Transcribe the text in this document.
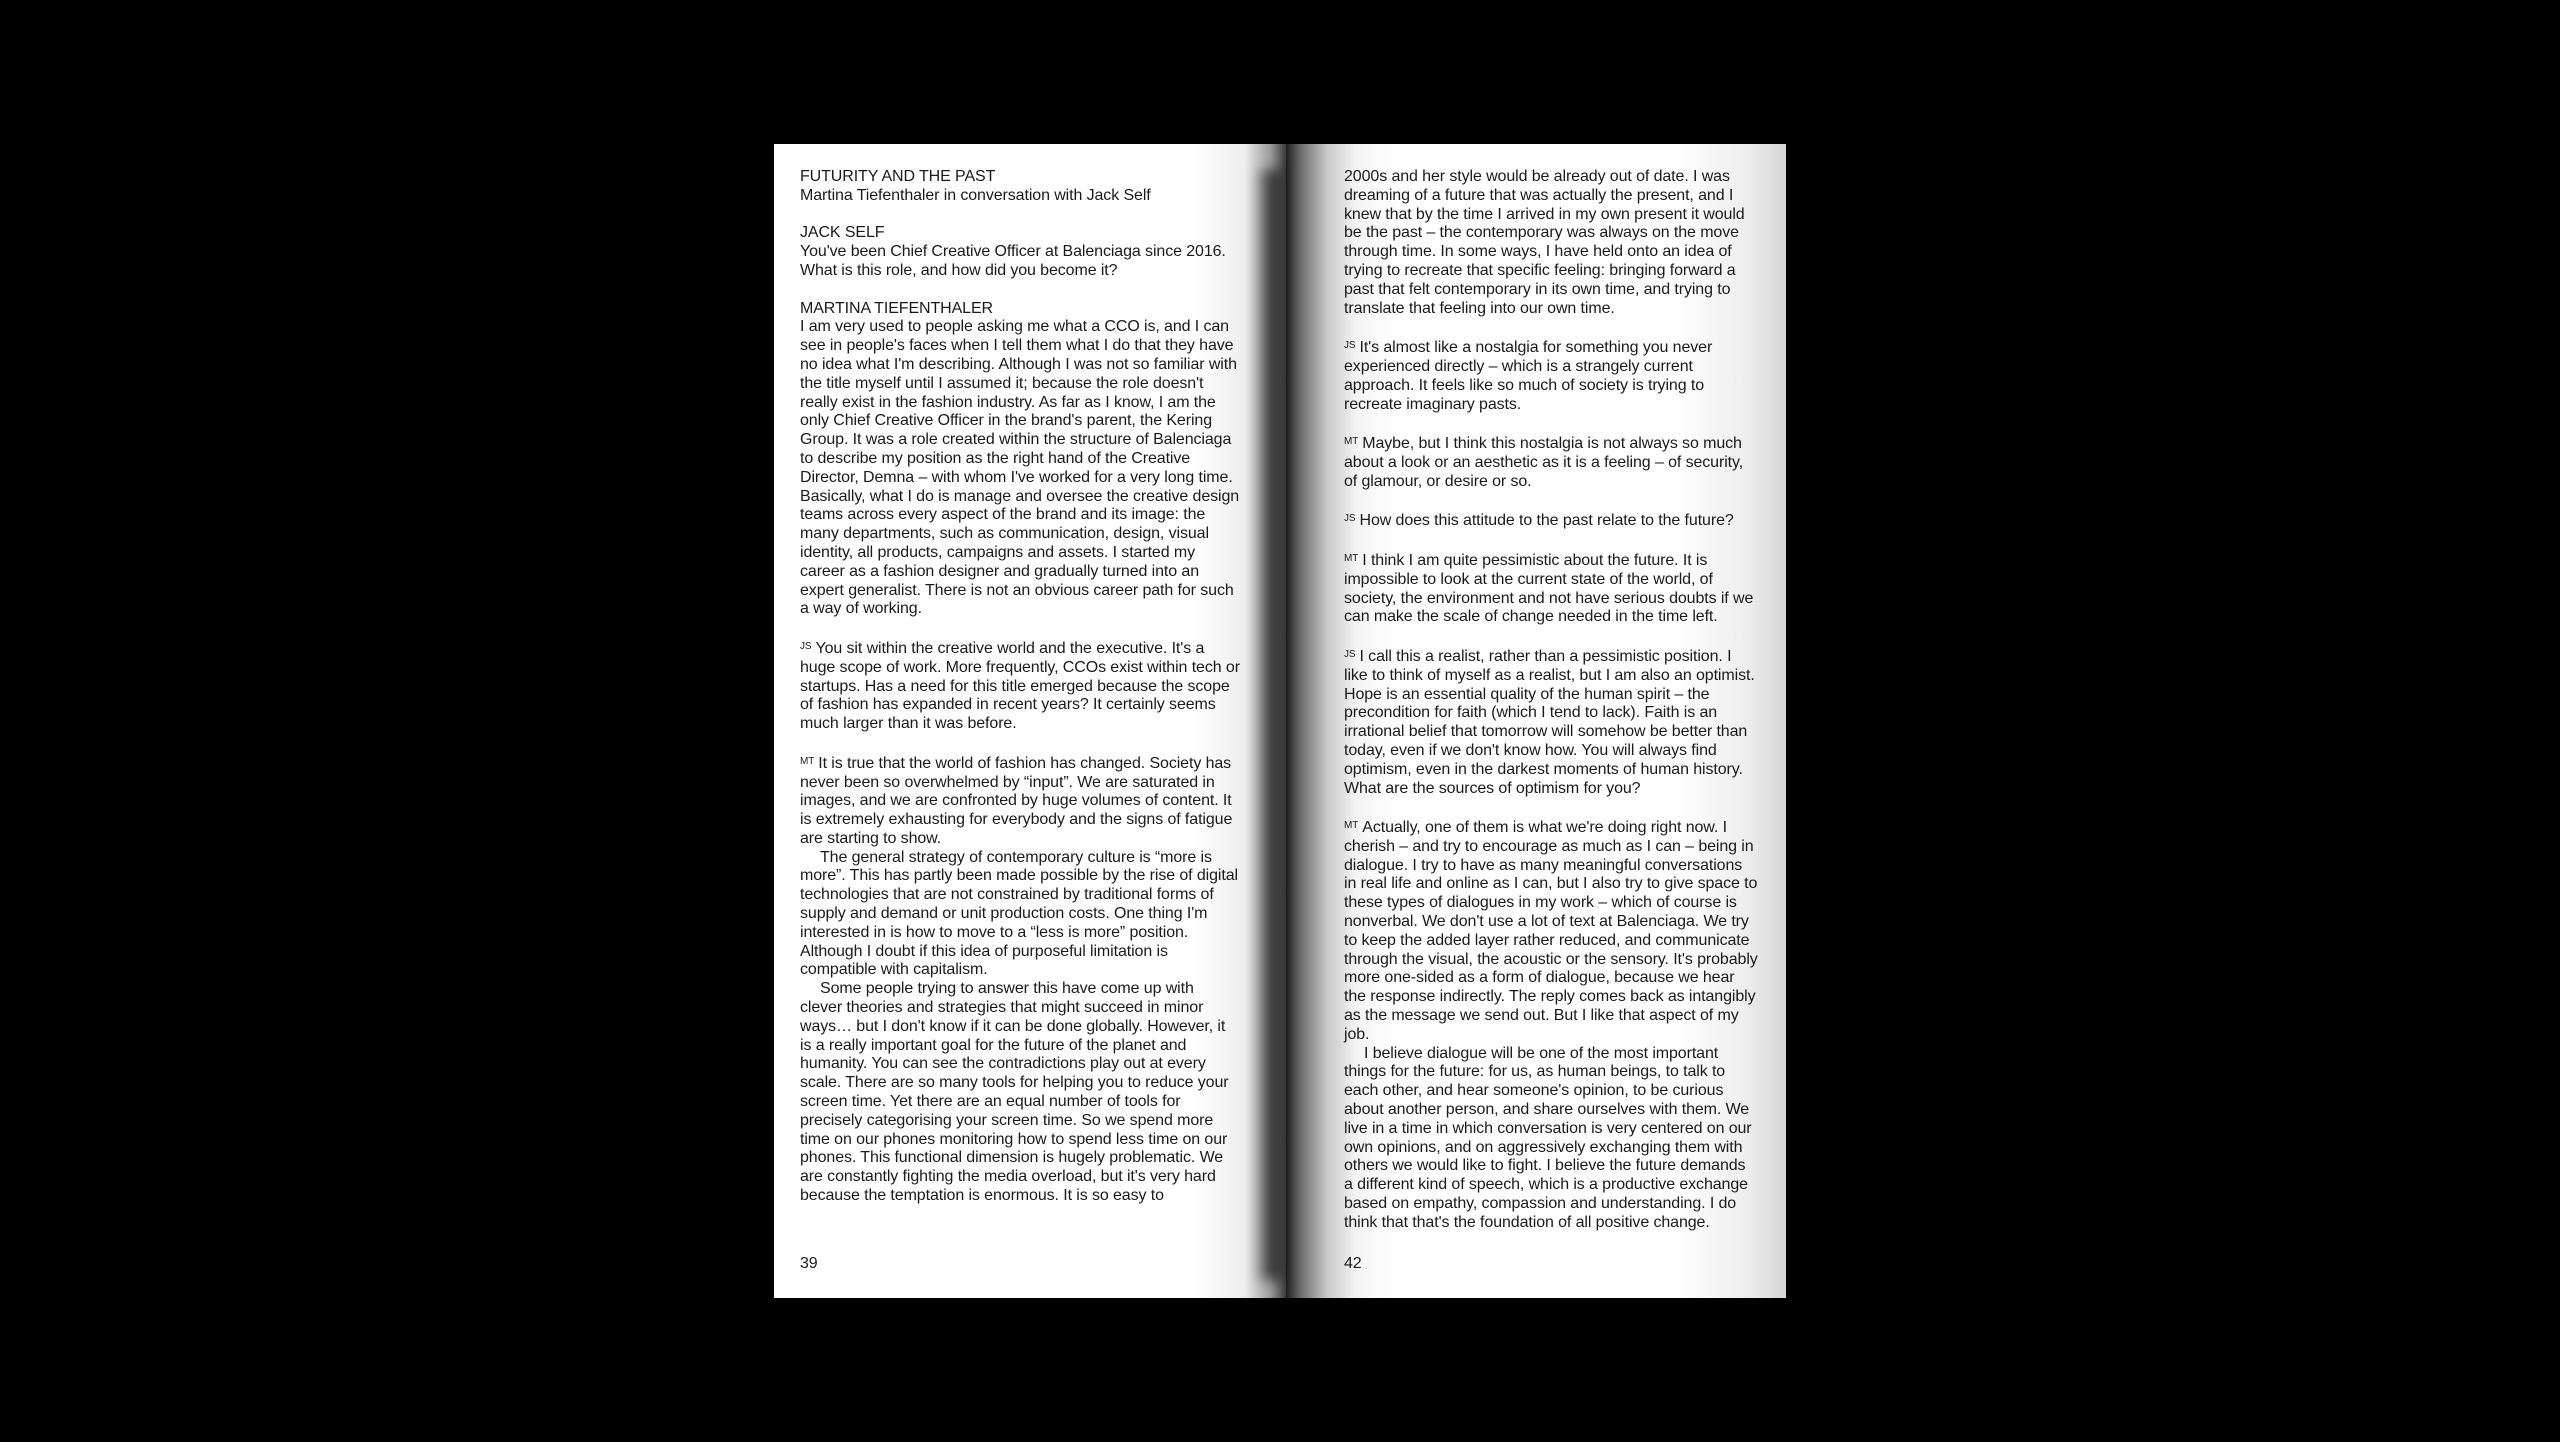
FUTURITY AND THE PAST

Martina Tiefenthaler in conversation with Jack Self

JACK SELF

You've been Chief Creative Officer at Balenciaga since 2016. What is this role, and how did you become it?

MARTINA TIEFENTHALER

I am very used to people asking me what a CCO is, and I can see in people's faces when I tell them what I do that they have no idea what I'm describing. Although I was not so familiar with the title myself until I assumed it; because the role doesn't really exist in the fashion industry. As far as I know, I am the only Chief Creative Officer in the brand's parent, the Kering Group. It was a role created within the structure of Balenciaga to describe my position as the right hand of the Creative Director, Demna – with whom I've worked for a very long time. Basically, what I do is manage and oversee the creative design teams across every aspect of the brand and its image: the many departments, such as communication, design, visual identity, all products, campaigns and assets. I started my career as a fashion designer and gradually turned into an expert generalist. There is not an obvious career path for such a way of working.

$^{JS}$ You sit within the creative world and the executive. It's a huge scope of work. More frequently, CCOs exist within tech or startups. Has a need for this title emerged because the scope of fashion has expanded in recent years? It certainly seems much larger than it was before.

$^{MT}$ It is true that the world of fashion has changed. Society has never been so overwhelmed by “input”. We are saturated in images, and we are confronted by huge volumes of content. It is extremely exhausting for everybody and the signs of fatigue are starting to show.

The general strategy of contemporary culture is “more is more”. This has partly been made possible by the rise of digital technologies that are not constrained by traditional forms of supply and demand or unit production costs. One thing I'm interested in is how to move to a “less is more” position. Although I doubt if this idea of purposeful limitation is compatible with capitalism.

Some people trying to answer this have come up with clever theories and strategies that might succeed in minor ways… but I don't know if it can be done globally. However, it is a really important goal for the future of the planet and humanity. You can see the contradictions play out at every scale. There are so many tools for helping you to reduce your screen time. Yet there are an equal number of tools for precisely categorising your screen time. So we spend more time on our phones monitoring how to spend less time on our phones. This functional dimension is hugely problematic. We are constantly fighting the media overload, but it's very hard because the temptation is enormous. It is so easy to

39

2000s and her style would be already out of date. I was dreaming of a future that was actually the present, and I knew that by the time I arrived in my own present it would be the past – the contemporary was always on the move through time. In some ways, I have held onto an idea of trying to recreate that specific feeling: bringing forward a past that felt contemporary in its own time, and trying to translate that feeling into our own time.

$^{JS}$ It's almost like a nostalgia for something you never experienced directly – which is a strangely current approach. It feels like so much of society is trying to recreate imaginary pasts.

$^{MT}$ Maybe, but I think this nostalgia is not always so much about a look or an aesthetic as it is a feeling – of security, of glamour, or desire or so.

$^{JS}$ How does this attitude to the past relate to the future?

$^{MT}$ I think I am quite pessimistic about the future. It is impossible to look at the current state of the world, of society, the environment and not have serious doubts if we can make the scale of change needed in the time left.

$^{JS}$ I call this a realist, rather than a pessimistic position. I like to think of myself as a realist, but I am also an optimist. Hope is an essential quality of the human spirit – the precondition for faith (which I tend to lack). Faith is an irrational belief that tomorrow will somehow be better than today, even if we don't know how. You will always find optimism, even in the darkest moments of human history. What are the sources of optimism for you?

$^{MT}$ Actually, one of them is what we're doing right now. I cherish – and try to encourage as much as I can – being in dialogue. I try to have as many meaningful conversations in real life and online as I can, but I also try to give space to these types of dialogues in my work – which of course is nonverbal. We don't use a lot of text at Balenciaga. We try to keep the added layer rather reduced, and communicate through the visual, the acoustic or the sensory. It's probably more one-sided as a form of dialogue, because we hear the response indirectly. The reply comes back as intangibly as the message we send out. But I like that aspect of my job.

I believe dialogue will be one of the most important things for the future: for us, as human beings, to talk to each other, and hear someone's opinion, to be curious about another person, and share ourselves with them. We live in a time in which conversation is very centered on our own opinions, and on aggressively exchanging them with others we would like to fight. I believe the future demands a different kind of speech, which is a productive exchange based on empathy, compassion and understanding. I do think that that's the foundation of all positive change.

42
